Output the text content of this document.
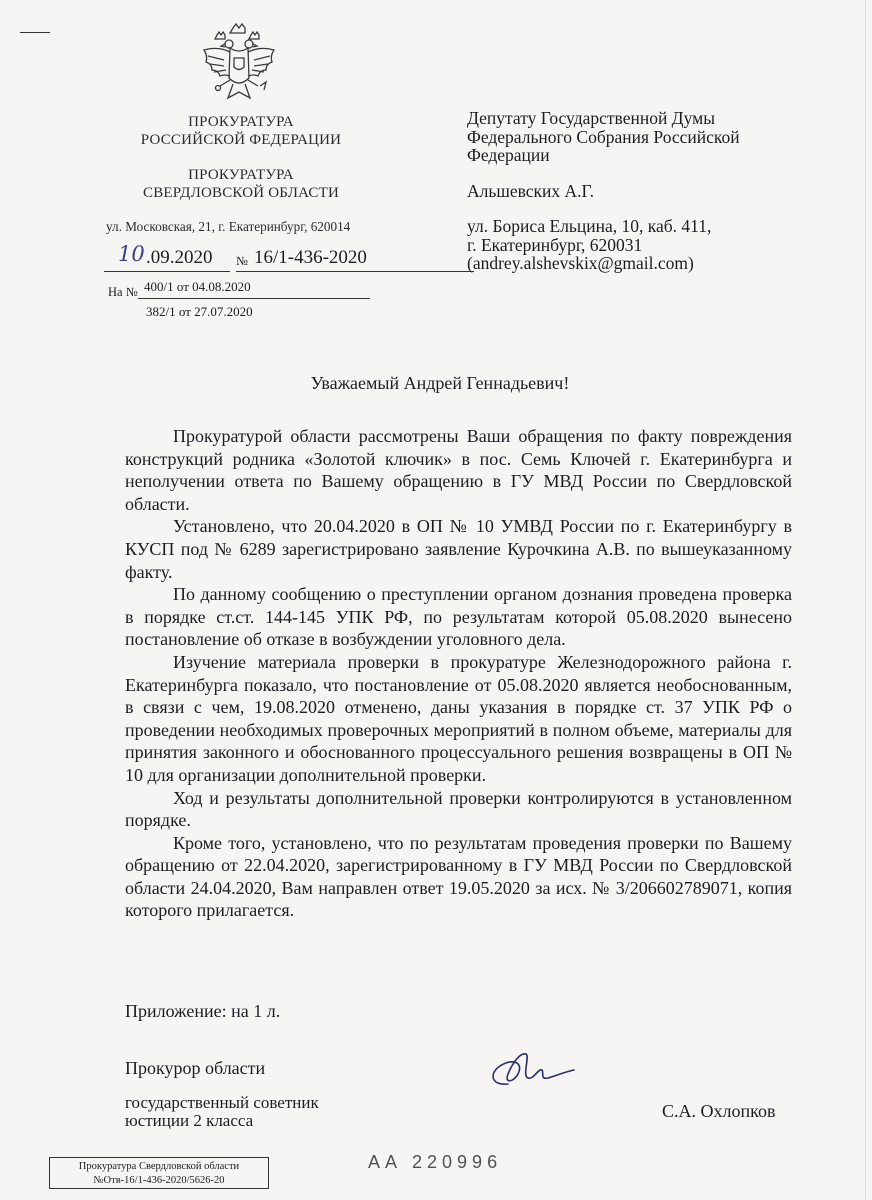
ПРОКУРАТУРА
РОССИЙСКОЙ ФЕДЕРАЦИИ
ПРОКУРАТУРА
СВЕРДЛОВСКОЙ ОБЛАСТИ
ул. Московская, 21, г. Екатеринбург, 620014
10 .09.2020 № 16/1-436-2020
На № 400/1 от 04.08.2020
382/1 от 27.07.2020
Депутату Государственной Думы
Федерального Собрания Российской
Федерации
Альшевских А.Г.
ул. Бориса Ельцина, 10, каб. 411,
г. Екатеринбург, 620031
(andrey.alshevskix@gmail.com)
Уважаемый Андрей Геннадьевич!

Прокуратурой области рассмотрены Ваши обращения по факту повреждения конструкций родника «Золотой ключик» в пос. Семь Ключей г. Екатеринбурга и неполучении ответа по Вашему обращению в ГУ МВД России по Свердловской области.

Установлено, что 20.04.2020 в ОП № 10 УМВД России по г. Екатеринбургу в КУСП под № 6289 зарегистрировано заявление Курочкина А.В. по вышеуказанному факту.

По данному сообщению о преступлении органом дознания проведена проверка в порядке ст.ст. 144-145 УПК РФ, по результатам которой 05.08.2020 вынесено постановление об отказе в возбуждении уголовного дела.

Изучение материала проверки в прокуратуре Железнодорожного района г. Екатеринбурга показало, что постановление от 05.08.2020 является необоснованным, в связи с чем, 19.08.2020 отменено, даны указания в порядке ст. 37 УПК РФ о проведении необходимых проверочных мероприятий в полном объеме, материалы для принятия законного и обоснованного процессуального решения возвращены в ОП № 10 для организации дополнительной проверки.

Ход и результаты дополнительной проверки контролируются в установленном порядке.

Кроме того, установлено, что по результатам проведения проверки по Вашему обращению от 22.04.2020, зарегистрированному в ГУ МВД России по Свердловской области 24.04.2020, Вам направлен ответ 19.05.2020 за исх. № 3/206602789071, копия которого прилагается.

Приложение: на 1 л.
Прокурор области
государственный советник
юстиции 2 класса	С.А. Охлопков
Прокуратура Свердловской области
№Отв-16/1-436-2020/5626-20
АА 220996
